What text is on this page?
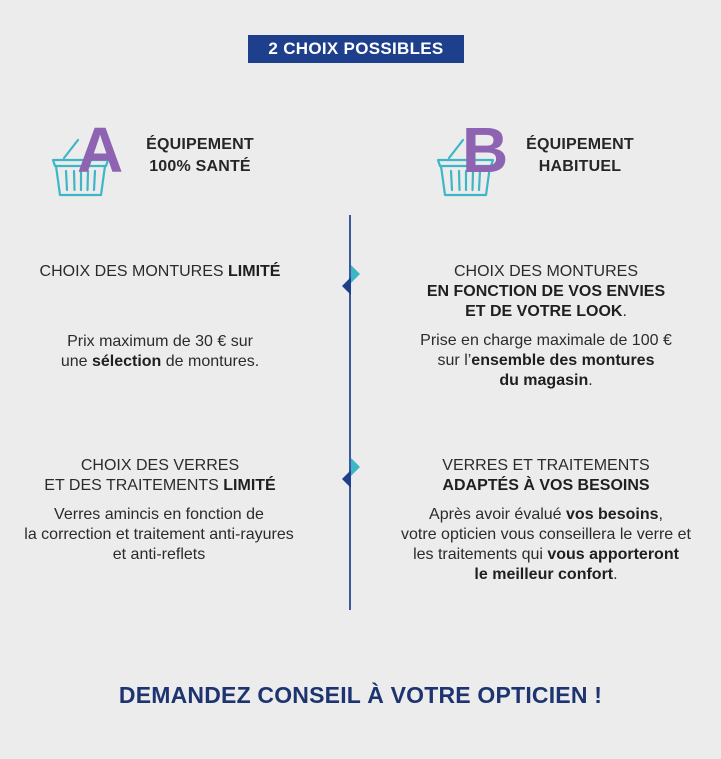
2 CHOIX POSSIBLES
A	ÉQUIPEMENT
100% SANTÉ	B	ÉQUIPEMENT
HABITUEL
CHOIX DES MONTURES LIMITÉ
Prix maximum de 30 € sur
une sélection de montures.
CHOIX DES MONTURES
EN FONCTION DE VOS ENVIES
ET DE VOTRE LOOK.
Prise en charge maximale de 100 €
sur l’ensemble des montures
du magasin.
CHOIX DES VERRES
ET DES TRAITEMENTS LIMITÉ
Verres amincis en fonction de
la correction et traitement anti-rayures
et anti-reflets
VERRES ET TRAITEMENTS
ADAPTÉS À VOS BESOINS
Après avoir évalué vos besoins,
votre opticien vous conseillera le verre et
les traitements qui vous apporteront
le meilleur confort.
DEMANDEZ CONSEIL À VOTRE OPTICIEN !
